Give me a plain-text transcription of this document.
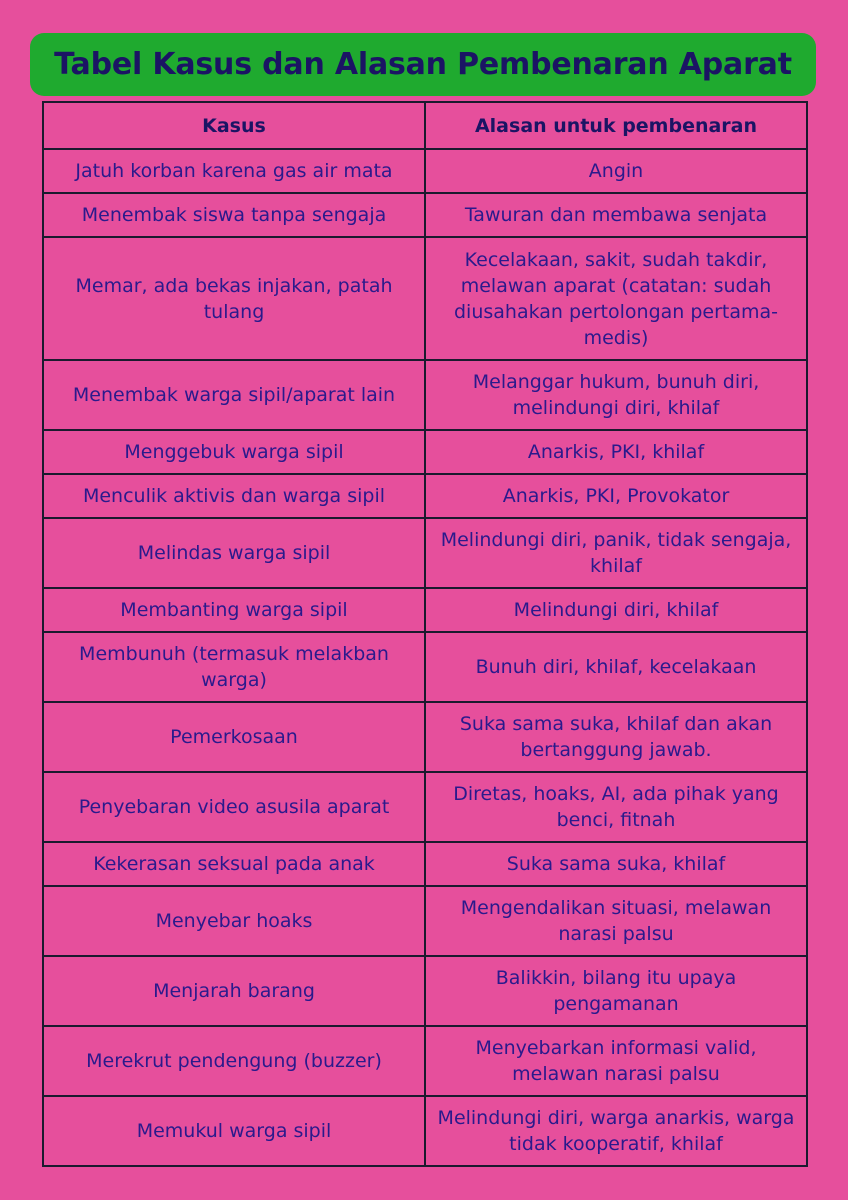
Tabel Kasus dan Alasan Pembenaran Aparat
Kasus	Alasan untuk pembenaran
Jatuh korban karena gas air mata	Angin
Menembak siswa tanpa sengaja	Tawuran dan membawa senjata
Memar, ada bekas injakan, patah tulang	Kecelakaan, sakit, sudah takdir, melawan aparat (catatan: sudah diusahakan pertolongan pertama-medis)
Menembak warga sipil/aparat lain	Melanggar hukum, bunuh diri, melindungi diri, khilaf
Menggebuk warga sipil	Anarkis, PKI, khilaf
Menculik aktivis dan warga sipil	Anarkis, PKI, Provokator
Melindas warga sipil	Melindungi diri, panik, tidak sengaja, khilaf
Membanting warga sipil	Melindungi diri, khilaf
Membunuh (termasuk melakban warga)	Bunuh diri, khilaf, kecelakaan
Pemerkosaan	Suka sama suka, khilaf dan akan bertanggung jawab.
Penyebaran video asusila aparat	Diretas, hoaks, AI, ada pihak yang benci, fitnah
Kekerasan seksual pada anak	Suka sama suka, khilaf
Menyebar hoaks	Mengendalikan situasi, melawan narasi palsu
Menjarah barang	Balikkin, bilang itu upaya pengamanan
Merekrut pendengung (buzzer)	Menyebarkan informasi valid, melawan narasi palsu
Memukul warga sipil	Melindungi diri, warga anarkis, warga tidak kooperatif, khilaf
